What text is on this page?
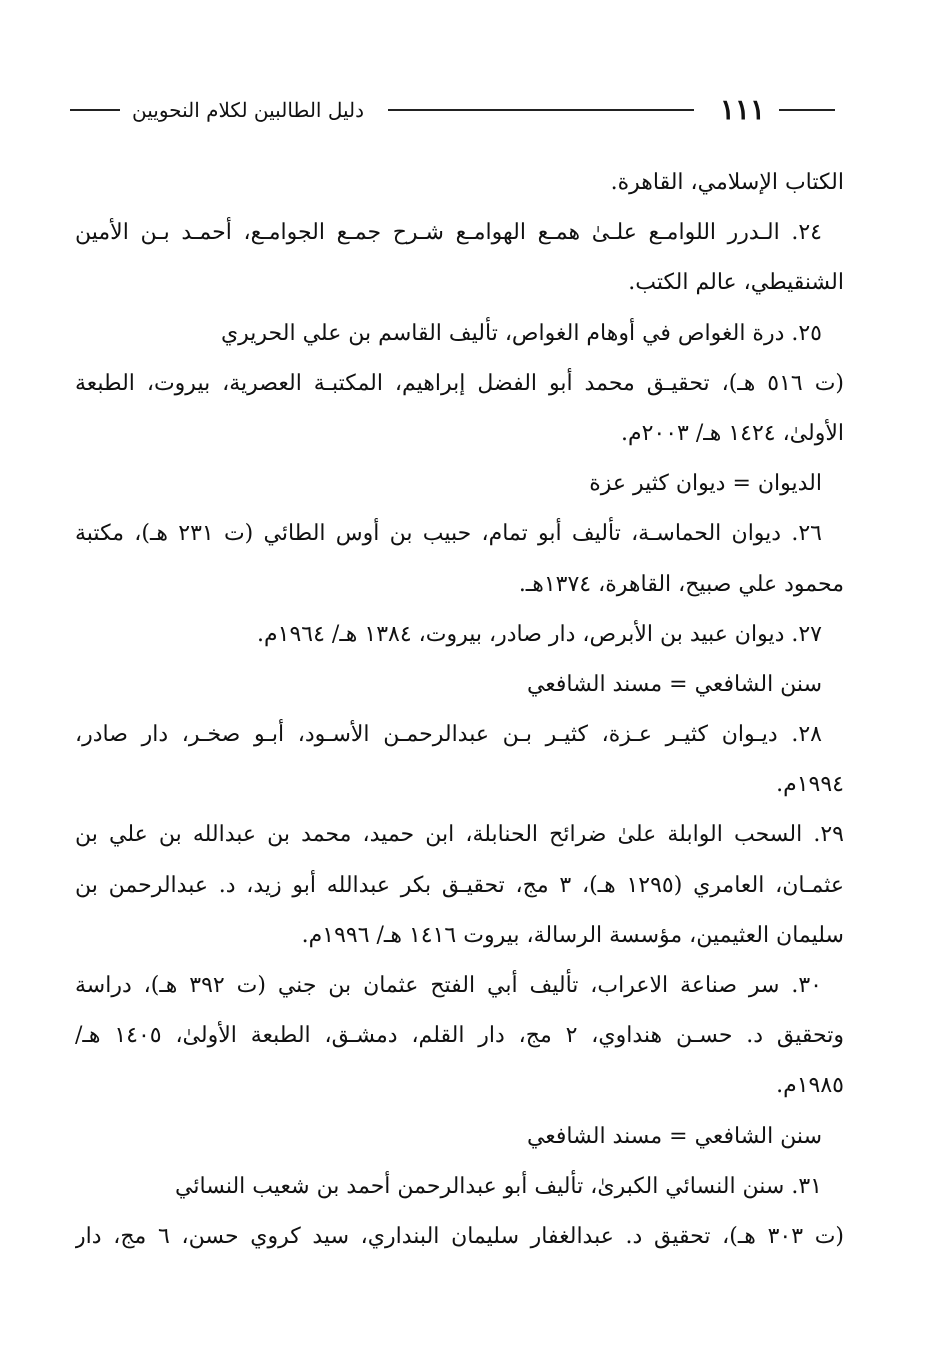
١١١
دليل الطالبين لكلام النحويين
الكتاب الإسلامي، القاهرة.
٢٤. الـدرر اللوامـع علـىٰ همـع الهوامـع شـرح جمـع الجوامـع، أحمـد بـن الأمين
الشنقيطي، عالم الكتب.
٢٥. درة الغواص في أوهام الغواص، تأليف القاسم بن علي الحريري
(ت ٥١٦ هـ)، تحقيـق محمد أبو الفضل إبراهيم، المكتبـة العصرية، بيروت، الطبعة
الأولىٰ، ١٤٢٤ هـ/ ٢٠٠٣م.
الديوان = ديوان كثير عزة
٢٦. ديوان الحماسـة، تأليف أبو تمام، حبيب بن أوس الطائي (ت ٢٣١ هـ)، مكتبة
محمود علي صبيح، القاهرة، ١٣٧٤هـ.
٢٧. ديوان عبيد بن الأبرص، دار صادر، بيروت، ١٣٨٤ هـ/ ١٩٦٤م.
سنن الشافعي = مسند الشافعي
٢٨. ديـوان كثيـر عـزة، كثيـر بـن عبدالرحمـن الأسـود، أبـو صخـر، دار صادر،
١٩٩٤م.
٢٩. السحب الوابلة علىٰ ضرائح الحنابلة، ابن حميد، محمد بن عبدالله بن علي بن
عثمـان، العامري (١٢٩٥ هـ)، ٣ مج، تحقيـق بكر عبدالله أبو زيد، د. عبدالرحمن بن
سليمان العثيمين، مؤسسة الرسالة، بيروت ١٤١٦ هـ/ ١٩٩٦م.
٣٠. سر صناعة الاعراب، تأليف أبي الفتح عثمان بن جني (ت ٣٩٢ هـ)، دراسة
وتحقيق د. حسـن هنداوي، ٢ مج، دار القلم، دمشـق، الطبعة الأولىٰ، ١٤٠٥ هـ/
١٩٨٥م.
سنن الشافعي = مسند الشافعي
٣١. سنن النسائي الكبرىٰ، تأليف أبو عبدالرحمن أحمد بن شعيب النسائي
(ت ٣٠٣ هـ)، تحقيق د. عبدالغفار سليمان البنداري، سيد كروي حسن، ٦ مج، دار
